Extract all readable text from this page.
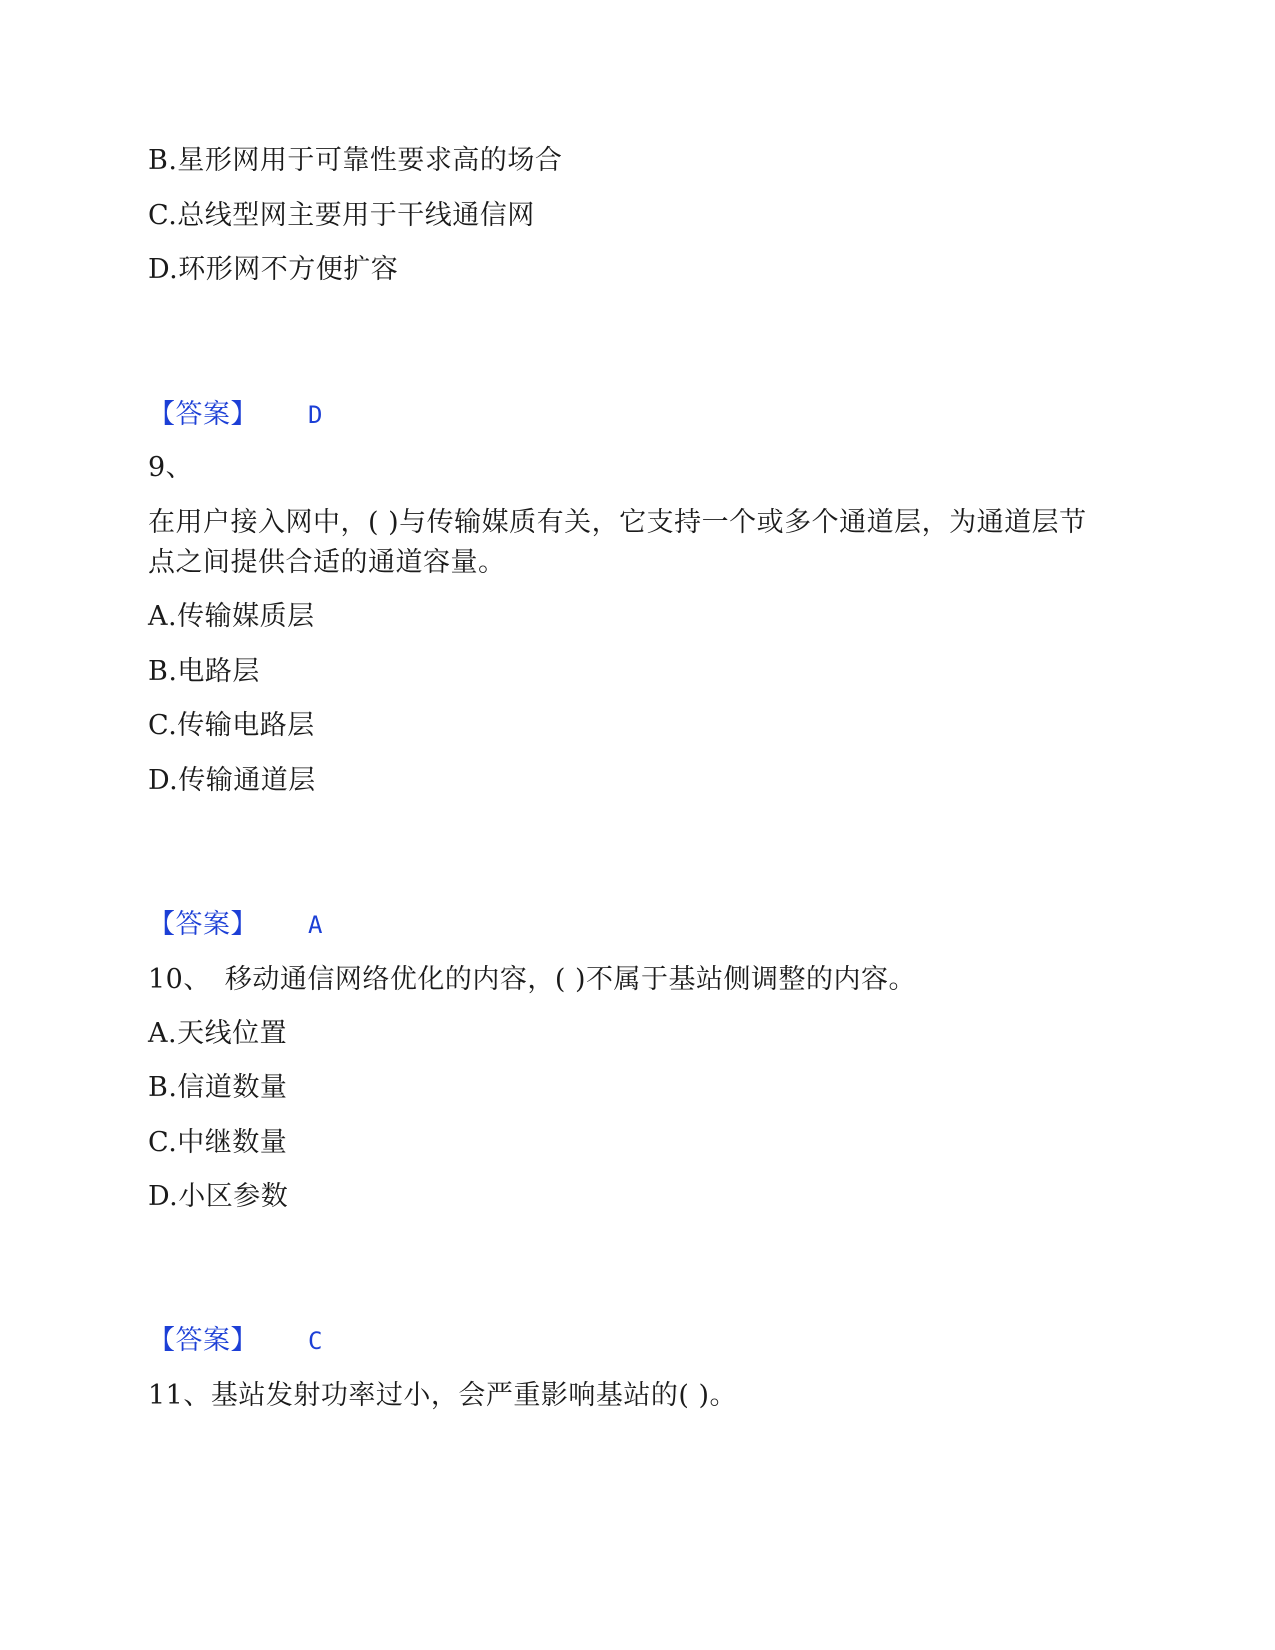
B.星形网用于可靠性要求高的场合
C.总线型网主要用于干线通信网
D.环形网不方便扩容
【答案】 D
9、
在用户接入网中，( )与传输媒质有关，它支持一个或多个通道层，为通道层节点之间提供合适的通道容量。
A.传输媒质层
B.电路层
C.传输电路层
D.传输通道层
【答案】 A
10、　移动通信网络优化的内容，( )不属于基站侧调整的内容。
A.天线位置
B.信道数量
C.中继数量
D.小区参数
【答案】 C
11、基站发射功率过小，会严重影响基站的( )。
